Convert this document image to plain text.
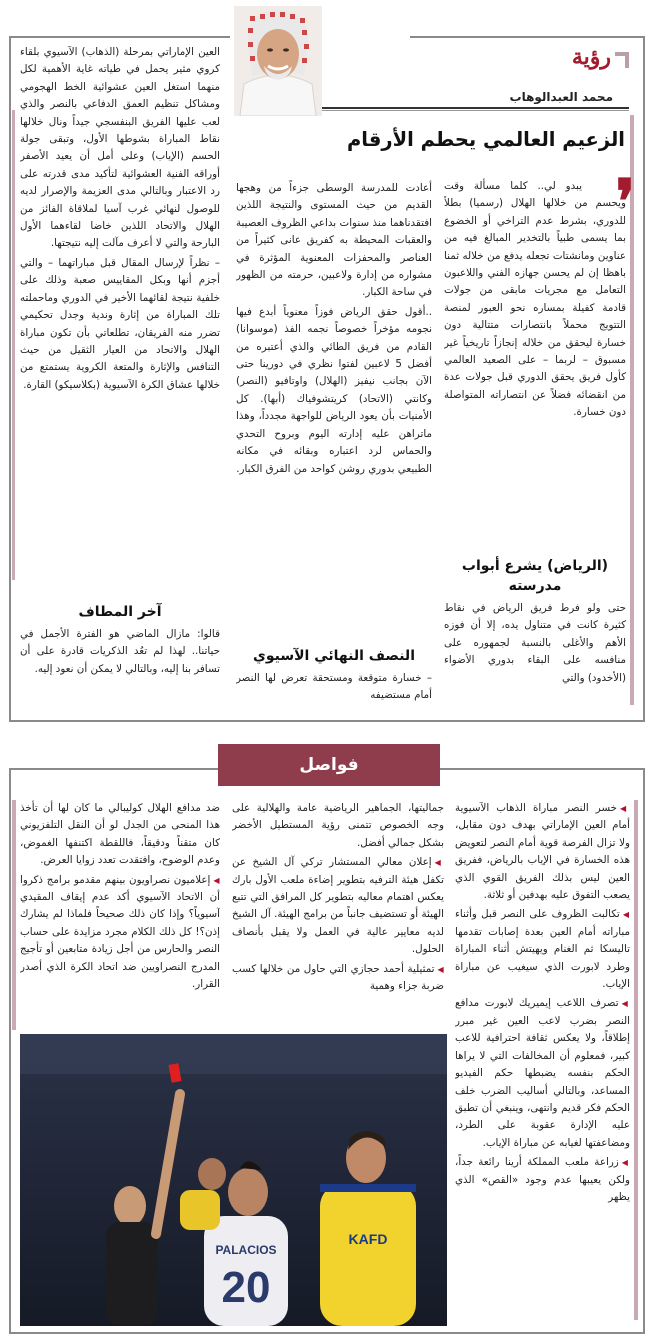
رؤية
محمد العبدالوهاب
الزعيم العالمي يحطم الأرقام
❜

يبدو لي.. كلما مسألة وقت ويحسم من خلالها الهلال (رسميا) بطلاً للدوري، بشرط عدم التراخي أو الخضوع بما يسمى طبياً بالتخدير المبالغ فيه من عناوين ومانشتات تجعله يدفع من خلاله ثمنا باهظا إن لم يحسن جهازه الفني واللاعبون التعامل مع مجريات مابقى من جولات قادمة كفيلة بمساره نحو العبور لمنصة التتويج محملاً بانتصارات متتالية دون خسارة ليحقق من خلاله إنجازاً تاريخياً غير مسبوق – لربما – على الصعيد العالمي كأول فريق يحقق الدوري قبل جولات عدة من انقضائه فضلاً عن انتصاراته المتواصلة دون خسارة.

(الرياض) يشرع أبواب مدرسته

حتى ولو فرط فريق الرياض في نقاط كثيرة كانت في متناول يده، إلا أن فوزه الأهم والأغلى بالنسبة لجمهوره على منافسه على البقاء بدوري الأضواء (الأخدود) والتي

أعادت للمدرسة الوسطى جزءاً من وهجها القديم من حيث المستوى والنتيجة اللذين افتقدناهما منذ سنوات بداعي الظروف العصيبة والعقبات المحيطة به كفريق عانى كثيراً من العناصر والمحفزات المعنوية المؤثرة في مشواره من إدارة ولاعبين، حرمته من الظهور في ساحة الكبار.

..أقول حقق الرياض فوزاً معنوياً أبدع فيها نجومه مؤخراً خصوصاً نجمه الفذ (موسوانا) القادم من فريق الطائي والذي أعتبره من أفضل 5 لاعبين لفتوا نظري في دورينا حتى الآن بجانب نيفيز (الهلال) واوتافيو (النصر) وكانتي (الاتحاد) كريتشوفياك (أبها). كل الأمنيات بأن يعود الرياض للواجهة مجدداً، وهذا ماتراهن عليه إدارته اليوم وبروح التحدي والحماس لرد اعتباره وبقائه في مكانه الطبيعي بدوري روشن كواحد من الفرق الكبار.

النصف النهائي الآسيوي

– خسارة متوقعة ومستحقة تعرض لها النصر أمام مستضيفه

العين الإماراتي بمرحلة (الذهاب) الآسيوي بلقاء كروي مثير يحمل في طياته غاية الأهمية لكل منهما استغل العين عشوائية الخط الهجومي ومشاكل تنظيم العمق الدفاعي بالنصر والذي لعب عليها الفريق البنفسجي جيداً ونال خلالها نقاط المباراة بشوطها الأول، وتبقى جولة الحسم (الإياب) وعلى أمل أن يعيد الأصفر أوراقه الفنية العشوائية لتأكيد مدى قدرته على رد الاعتبار وبالتالي مدى العزيمة والإصرار لديه للوصول لنهائي غرب آسيا لملاقاة الفائز من الهلال والاتحاد اللذين خاضا لقاءهما الأول البارحة والتي لا أعرف مآلت إليه نتيجتها.

– نظراً لإرسال المقال قبل مباراتهما – والتي أجزم أنها وبكل المقاييس صعبة وذلك على خلفية نتيجة لقائهما الأخير في الدوري وماحملته تلك المباراة من إثارة وندية وجدل تحكيمي تضرر منه الفريقان، تطلعاتي بأن تكون مباراة الهلال والاتحاد من العيار الثقيل من حيث التنافس والإثارة والمتعة الكروية يستمتع من خلالها عشاق الكرة الآسيوية (بكلاسيكو) القارة.

آخر المطاف

قالوا: مازال الماضي هو الفترة الأجمل في حياتنا.. لهذا لم تعُد الذكريات قادرة على أن تسافر بنا إليه، وبالتالي لا يمكن أن نعود إليه.

فواصل

◀خسر النصر مباراة الذهاب الآسيوية أمام العين الإماراتي بهدف دون مقابل، ولا تزال الفرصة قوية أمام النصر لتعويض هذه الخسارة في الإياب بالرياض، ففريق العين ليس بذلك الفريق القوي الذي يصعب التفوق عليه بهدفين أو ثلاثة.

◀تكالبت الظروف على النصر قبل وأثناء مباراته أمام العين بعدة إصابات تقدمها تاليسكا ثم الغنام ويهيتش أثناء المباراة وطرد لابورت الذي سيغيب عن مباراة الإياب.

◀تصرف اللاعب إيميريك لابورت مدافع النصر بضرب لاعب العين غير مبرر إطلاقاً، ولا يعكس ثقافة احترافية للاعب كبير، فمعلوم أن المخالفات التي لا يراها الحكم بنفسه يضبطها حكم الفيديو المساعد، وبالتالي أساليب الضرب خلف الحكم فكر قديم وانتهى، وينبغي أن تطبق عليه الإدارة عقوبة على الطرد، ومضاعفتها لغيابه عن مباراة الإياب.

◀زراعة ملعب المملكة أرينا رائعة جداً، ولكن يعيبها عدم وجود «القص» الذي يظهر

جماليتها، الجماهير الرياضية عامة والهلالية على وجه الخصوص تتمنى رؤية المستطيل الأخضر بشكل جمالي أفضل.

◀إعلان معالي المستشار تركي آل الشيخ عن تكفل هيئة الترفيه بتطوير إضاءة ملعب الأول بارك يعكس اهتمام معاليه بتطوير كل المرافق التي تتبع الهيئة أو تستضيف جانباً من برامج الهيئة. آل الشيخ لديه معايير عالية في العمل ولا يقبل بأنصاف الحلول.

◀تمثيلية أحمد حجازي التي حاول من خلالها كسب ضربة جزاء وهمية

ضد مدافع الهلال كوليبالي ما كان لها أن تأخذ هذا المنحى من الجدل لو أن النقل التلفزيوني كان متقناً ودقيقاً، فاللقطة اكتنفها الغموض، وعدم الوضوح، وافتقدت تعدد زوايا العرض.

◀إعلاميون نصراويون بينهم مقدمو برامج ذكروا أن الاتحاد الآسيوي أكد عدم إيقاف المقيدي آسيوياً؟ وإذا كان ذلك صحيحاً فلماذا لم يشارك إذن؟! كل ذلك الكلام مجرد مزايدة على حساب النصر والحارس من أجل زيادة متابعين أو تأجيج المدرج النصراويين ضد اتحاد الكرة الذي أصدر القرار.

PALACIOS
20
KAFD
